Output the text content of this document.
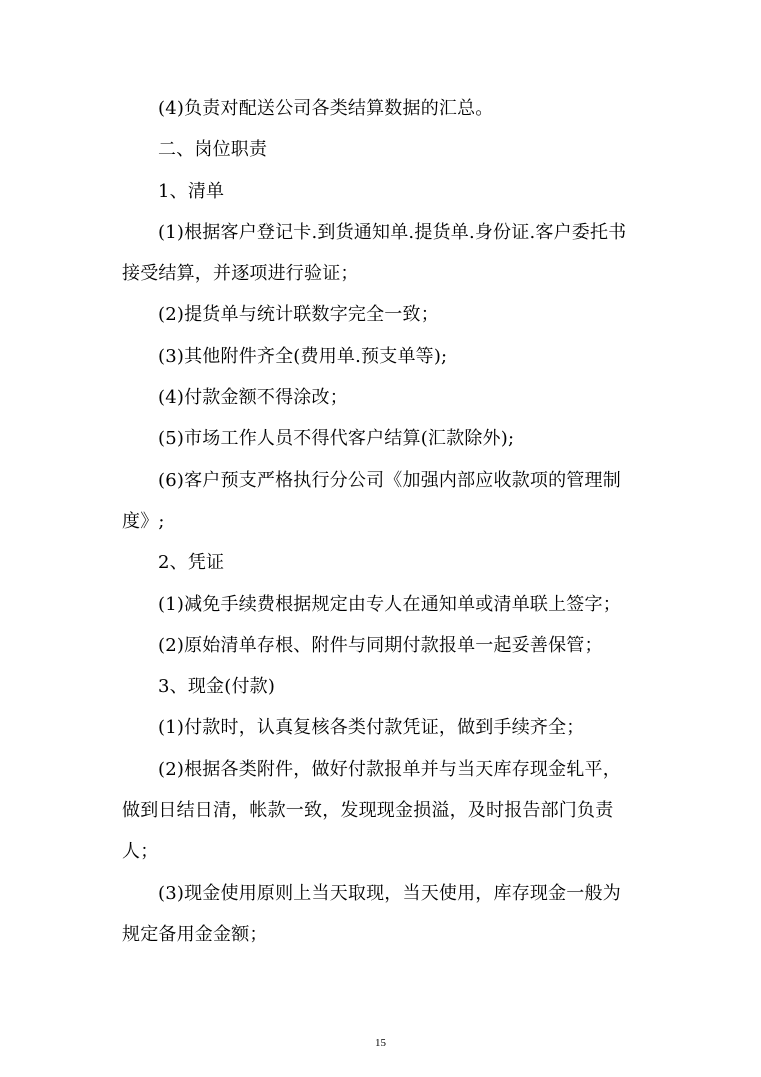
(4)负责对配送公司各类结算数据的汇总。
二、岗位职责
1、清单
(1)根据客户登记卡.到货通知单.提货单.身份证.客户委托书
接受结算，并逐项进行验证；
(2)提货单与统计联数字完全一致；
(3)其他附件齐全(费用单.预支单等);
(4)付款金额不得涂改；
(5)市场工作人员不得代客户结算(汇款除外);
(6)客户预支严格执行分公司《加强内部应收款项的管理制
度》;
2、凭证
(1)减免手续费根据规定由专人在通知单或清单联上签字；
(2)原始清单存根、附件与同期付款报单一起妥善保管；
3、现金(付款)
(1)付款时，认真复核各类付款凭证，做到手续齐全；
(2)根据各类附件，做好付款报单并与当天库存现金轧平，
做到日结日清，帐款一致，发现现金损溢，及时报告部门负责
人；
(3)现金使用原则上当天取现，当天使用，库存现金一般为
规定备用金金额；
15
